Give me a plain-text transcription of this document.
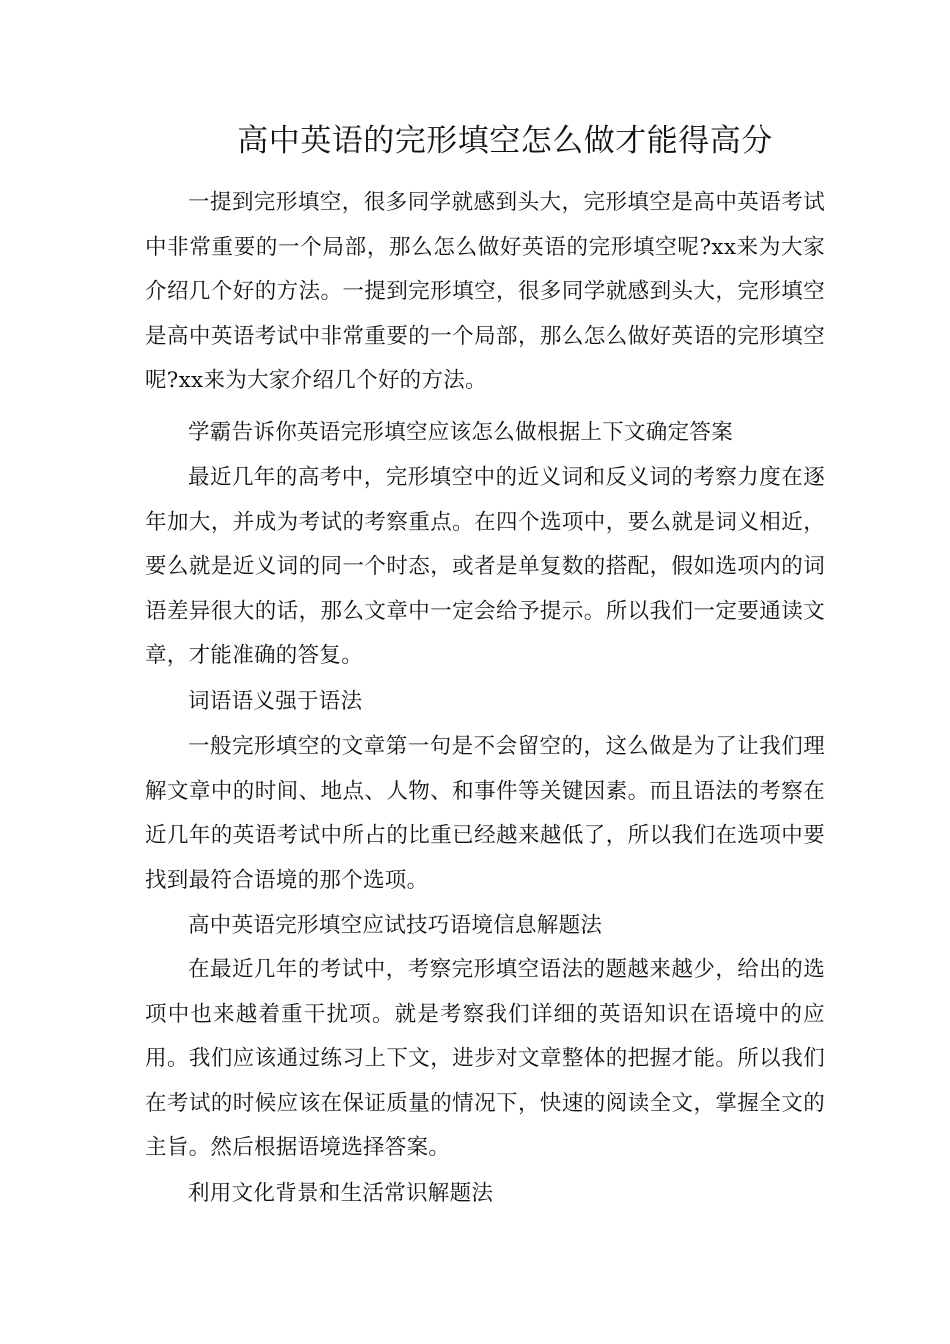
高中英语的完形填空怎么做才能得高分

一提到完形填空，很多同学就感到头大，完形填空是高中英语考试中非常重要的一个局部，那么怎么做好英语的完形填空呢?xx来为大家介绍几个好的方法。一提到完形填空，很多同学就感到头大，完形填空是高中英语考试中非常重要的一个局部，那么怎么做好英语的完形填空呢?xx来为大家介绍几个好的方法。

学霸告诉你英语完形填空应该怎么做根据上下文确定答案

最近几年的高考中，完形填空中的近义词和反义词的考察力度在逐年加大，并成为考试的考察重点。在四个选项中，要么就是词义相近，要么就是近义词的同一个时态，或者是单复数的搭配，假如选项内的词语差异很大的话，那么文章中一定会给予提示。所以我们一定要通读文章，才能准确的答复。

词语语义强于语法

一般完形填空的文章第一句是不会留空的，这么做是为了让我们理解文章中的时间、地点、人物、和事件等关键因素。而且语法的考察在近几年的英语考试中所占的比重已经越来越低了，所以我们在选项中要找到最符合语境的那个选项。

高中英语完形填空应试技巧语境信息解题法

在最近几年的考试中，考察完形填空语法的题越来越少，给出的选项中也来越着重干扰项。就是考察我们详细的英语知识在语境中的应用。我们应该通过练习上下文，进步对文章整体的把握才能。所以我们在考试的时候应该在保证质量的情况下，快速的阅读全文，掌握全文的主旨。然后根据语境选择答案。

利用文化背景和生活常识解题法
